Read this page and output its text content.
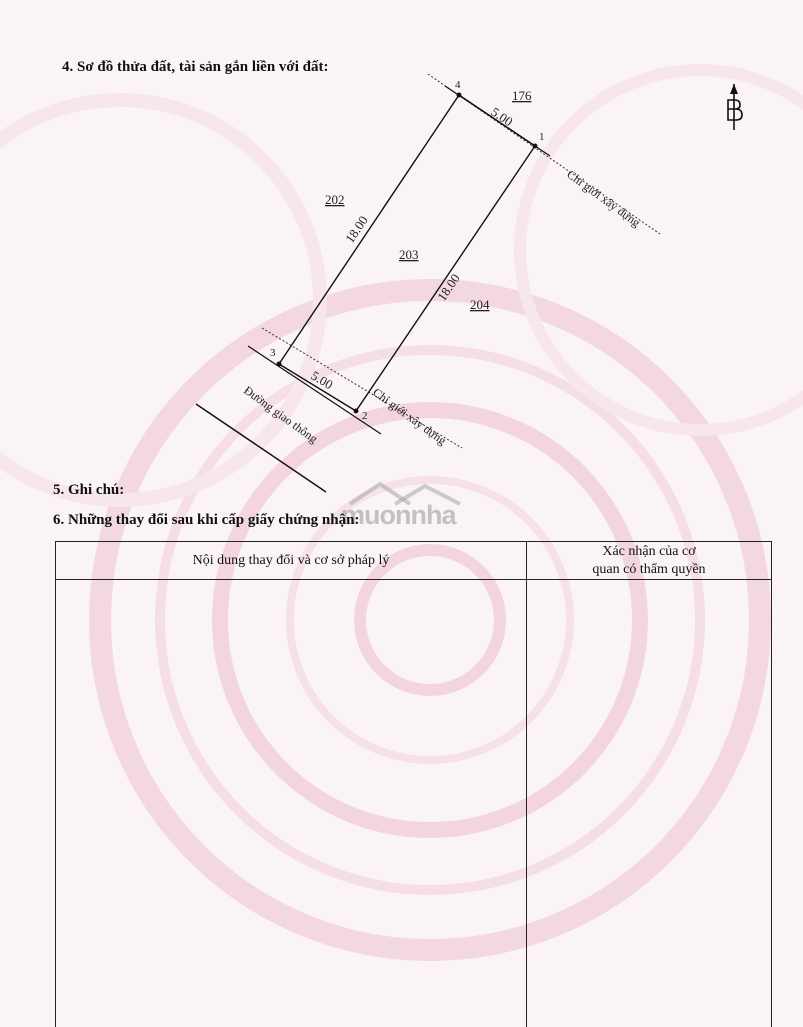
4. Sơ đồ thửa đất, tài sản gắn liền với đất:
4
1
2
3
176
202
203
204
5.00
5.00
18.00
18.00
Chỉ giới xây dựng
Chỉ giới xây dựng
Đường giao thông
muonnha
5. Ghi chú:
6. Những thay đổi sau khi cấp giấy chứng nhận:
Nội dung thay đổi và cơ sở pháp lý	Xác nhận của cơ
quan có thẩm quyền
